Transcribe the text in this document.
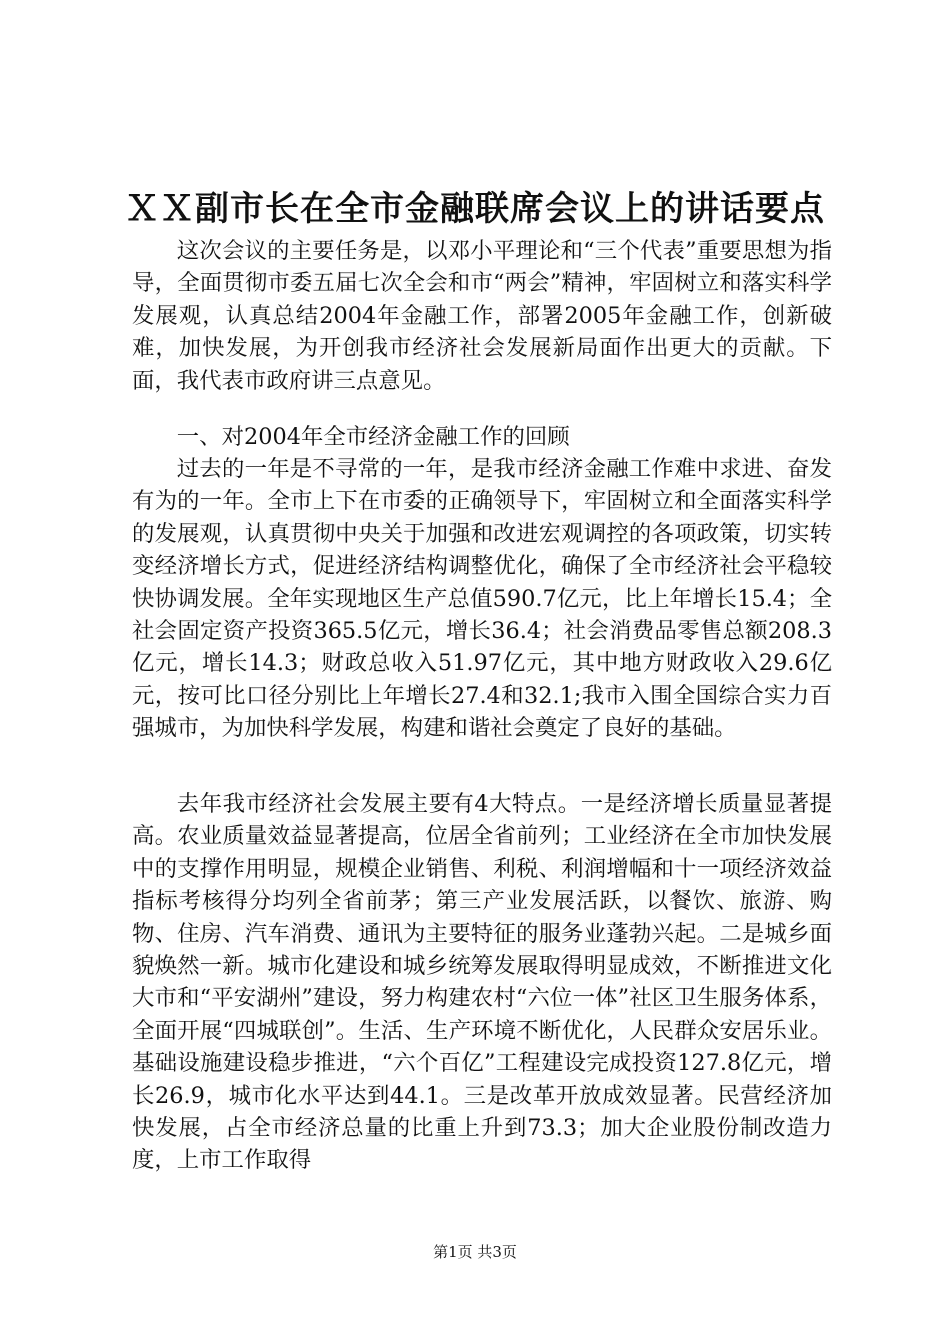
ＸＸ副市长在全市金融联席会议上的讲话要点

这次会议的主要任务是，以邓小平理论和“三个代表”重要思想为指导，全面贯彻市委五届七次全会和市“两会”精神，牢固树立和落实科学发展观，认真总结2004年金融工作，部署2005年金融工作，创新破难，加快发展，为开创我市经济社会发展新局面作出更大的贡献。下面，我代表市政府讲三点意见。

一、对2004年全市经济金融工作的回顾

过去的一年是不寻常的一年，是我市经济金融工作难中求进、奋发有为的一年。全市上下在市委的正确领导下，牢固树立和全面落实科学的发展观，认真贯彻中央关于加强和改进宏观调控的各项政策，切实转变经济增长方式，促进经济结构调整优化，确保了全市经济社会平稳较快协调发展。全年实现地区生产总值590.7亿元，比上年增长15.4；全社会固定资产投资365.5亿元，增长36.4；社会消费品零售总额208.3亿元，增长14.3；财政总收入51.97亿元，其中地方财政收入29.6亿元，按可比口径分别比上年增长27.4和32.1;我市入围全国综合实力百强城市，为加快科学发展，构建和谐社会奠定了良好的基础。

去年我市经济社会发展主要有4大特点。一是经济增长质量显著提高。农业质量效益显著提高，位居全省前列；工业经济在全市加快发展中的支撑作用明显，规模企业销售、利税、利润增幅和十一项经济效益指标考核得分均列全省前茅；第三产业发展活跃，以餐饮、旅游、购物、住房、汽车消费、通讯为主要特征的服务业蓬勃兴起。二是城乡面貌焕然一新。城市化建设和城乡统筹发展取得明显成效，不断推进文化大市和“平安湖州”建设，努力构建农村“六位一体”社区卫生服务体系，全面开展“四城联创”。生活、生产环境不断优化，人民群众安居乐业。基础设施建设稳步推进，“六个百亿”工程建设完成投资127.8亿元，增长26.9，城市化水平达到44.1。三是改革开放成效显著。民营经济加快发展，占全市经济总量的比重上升到73.3；加大企业股份制改造力度，上市工作取得

第1页 共3页
